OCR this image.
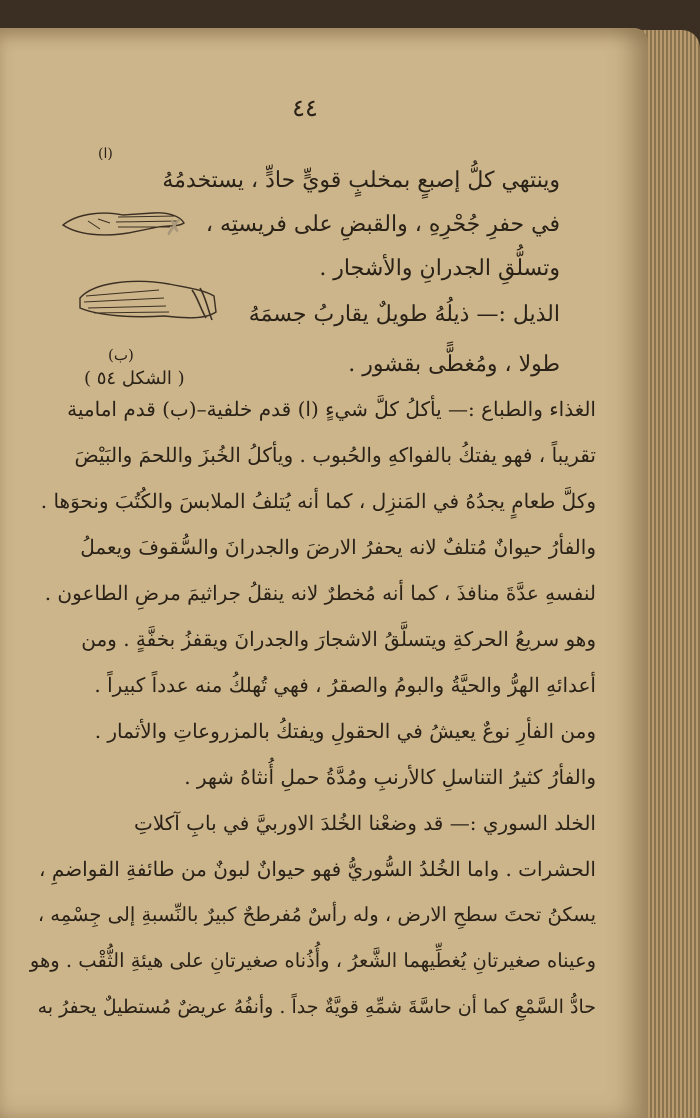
٤٤
(ا)
(ب)
( الشكل ٥٤ )
✗
وينتهي كلُّ إصبعٍ بمخلبٍ قويٍّ حادٍّ ، يستخدمُهُ
في حفرِ جُحْرِهِ ، والقبضِ على فريستِه ،
وتسلُّقِ الجدرانِ والأشجار .
الذيل :— ذيلُهُ طويلٌ يقاربُ جسمَهُ
طولا ، ومُغطًّى بقشور .
الغذاء والطباع :— يأكلُ كلَّ شيءٍ (ا) قدم خلفية–(ب) قدم امامية
تقريباً ، فهو يفتكُ بالفواكهِ والحُبوب . ويأكلُ الخُبزَ واللحمَ والبَيْضَ
وكلَّ طعامٍ يجدُهُ في المَنزِل ، كما أنه يُتلفُ الملابسَ والكُتُبَ ونحوَها .
والفأرُ حيوانٌ مُتلفٌ لانه يحفرُ الارضَ والجدرانَ والسُّقوفَ ويعملُ
لنفسهِ عدَّةَ منافذَ ، كما أنه مُخطرٌ لانه ينقلُ جراثيمَ مرضِ الطاعون .
وهو سريعُ الحركةِ ويتسلَّقُ الاشجارَ والجدرانَ ويقفزُ بخفَّةٍ . ومن
أعدائهِ الهرُّ والحيَّةُ والبومُ والصقرُ ، فهي تُهلكُ منه عدداً كبيراً .
ومن الفأرِ نوعٌ يعيشُ في الحقولِ ويفتكُ بالمزروعاتِ والأثمار .
والفأرُ كثيرُ التناسلِ كالأرنبِ ومُدَّةُ حملِ أُنثاهُ شهر .
الخلد السوري :— قد وضعْنا الخُلدَ الاوربيَّ في بابِ آكلاتِ
الحشرات . واما الخُلدُ السُّوريُّ فهو حيوانٌ لبونٌ من طائفةِ القواضمِ ،
يسكنُ تحتَ سطحِ الارض ، وله رأسٌ مُفرطحٌ كبيرٌ بالنِّسبةِ إلى جِسْمِه ،
وعيناه صغيرتانِ يُغطِّيهما الشَّعرُ ، وأُذُناه صغيرتانِ على هيئةِ الثُّقْب . وهو
حادُّ السَّمْعِ كما أن حاسَّةَ شمِّهِ قويَّةٌ جداً . وأنفُهُ عريضٌ مُستطيلٌ يحفرُ به
